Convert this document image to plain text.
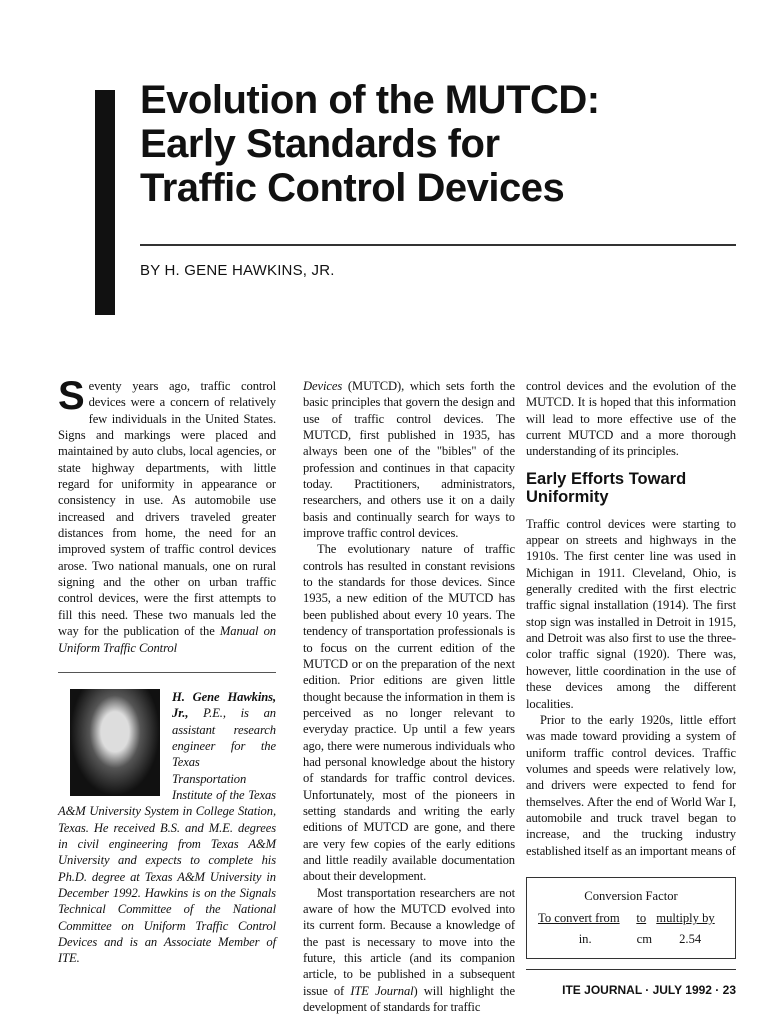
Evolution of the MUTCD:
Early Standards for
Traffic Control Devices
BY H. GENE HAWKINS, JR.

Seventy years ago, traffic control devices were a concern of relatively few individuals in the United States. Signs and markings were placed and maintained by auto clubs, local agencies, or state highway departments, with little regard for uniformity in appearance or consistency in use. As automobile use increased and drivers traveled greater distances from home, the need for an improved system of traffic control devices arose. Two national manuals, one on rural signing and the other on urban traffic control devices, were the first attempts to fill this need. These two manuals led the way for the publication of the Manual on Uniform Traffic Control

H. Gene Hawkins, Jr., P.E., is an assistant research engineer for the Texas Transportation Institute of the Texas A&M University System in College Station, Texas. He received B.S. and M.E. degrees in civil engineering from Texas A&M University and expects to complete his Ph.D. degree at Texas A&M University in December 1992. Hawkins is on the Signals Technical Committee of the National Committee on Uniform Traffic Control Devices and is an Associate Member of ITE.

Devices (MUTCD), which sets forth the basic principles that govern the design and use of traffic control devices. The MUTCD, first published in 1935, has always been one of the "bibles" of the profession and continues in that capacity today. Practitioners, administrators, researchers, and others use it on a daily basis and continually search for ways to improve traffic control devices.

The evolutionary nature of traffic controls has resulted in constant revisions to the standards for those devices. Since 1935, a new edition of the MUTCD has been published about every 10 years. The tendency of transportation professionals is to focus on the current edition of the MUTCD or on the preparation of the next edition. Prior editions are given little thought because the information in them is perceived as no longer relevant to everyday practice. Up until a few years ago, there were numerous individuals who had personal knowledge about the history of standards for traffic control devices. Unfortunately, most of the pioneers in setting standards and writing the early editions of MUTCD are gone, and there are very few copies of the early editions and little readily available documentation about their development.

Most transportation researchers are not aware of how the MUTCD evolved into its current form. Because a knowledge of the past is necessary to move into the future, this article (and its companion article, to be published in a subsequent issue of ITE Journal) will highlight the development of standards for traffic

control devices and the evolution of the MUTCD. It is hoped that this information will lead to more effective use of the current MUTCD and a more thorough understanding of its principles.

Early Efforts Toward Uniformity

Traffic control devices were starting to appear on streets and highways in the 1910s. The first center line was used in Michigan in 1911. Cleveland, Ohio, is generally credited with the first electric traffic signal installation (1914). The first stop sign was installed in Detroit in 1915, and Detroit was also first to use the three-color traffic signal (1920). There was, however, little coordination in the use of these devices among the different localities.

Prior to the early 1920s, little effort was made toward providing a system of uniform traffic control devices. Traffic volumes and speeds were relatively low, and drivers were expected to fend for themselves. After the end of World War I, automobile and truck travel began to increase, and the trucking industry established itself as an important means of

Conversion Factor
To convert from	to	multiply by
in.	cm	2.54
ITE JOURNAL · JULY 1992 · 23
